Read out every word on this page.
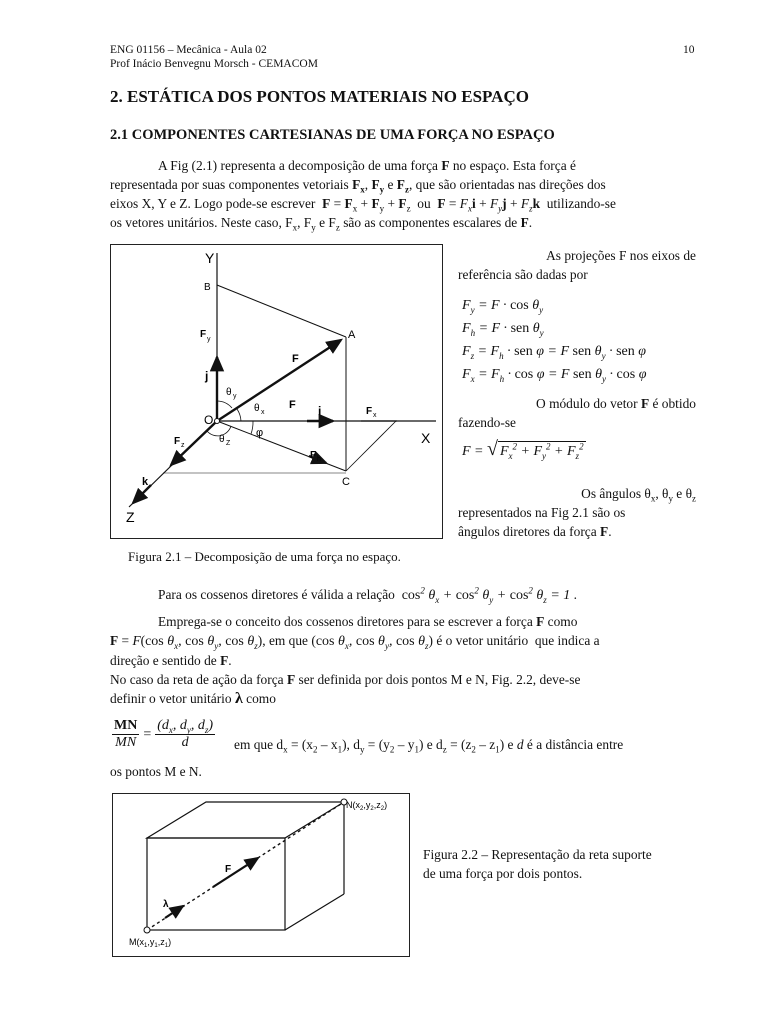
ENG 01156 – Mecânica - Aula 02
Prof Inácio Benvegnu Morsch - CEMACOM
10
2. ESTÁTICA DOS PONTOS MATERIAIS NO ESPAÇO
2.1 COMPONENTES CARTESIANAS DE UMA FORÇA NO ESPAÇO
A Fig (2.1) representa a decomposição de uma força F no espaço. Esta força é
representada por suas componentes vetoriais $F_x$, $F_y$ e $F_z$, que são orientadas nas direções dos
eixos X, Y e Z. Logo pode-se escrever  $F = F_x + F_y + F_z$  ou  $F = F_xi + F_yj + F_zk$  utilizando-se
os vetores unitários. Neste caso, $F_x$, $F_y$ e $F_z$ são as componentes escalares de F.
Y
X
Z
O
A
B
C
F
F y
F x
F z
F h
j
i
k
F
θ y
θ x
θ Z
φ
As projeções F nos eixos de
referência são dadas por
$F_y = F \cdot \cos \theta_y$
$F_h = F$ · sen $\theta_y$
$F_z = F_h$ · sen φ = F sen $\theta_y$ · sen φ
$F_x = F_h \cdot \cos \varphi = F$ sen $\theta_y \cdot \cos \varphi$
O módulo do vetor F é obtido
fazendo-se
F = √ $F_x^2 + F_y^2 + F_z^2$
Os ângulos $\theta_x$, $\theta_y$ e $\theta_z$
representados na Fig 2.1 são os
ângulos diretores da força F.
Figura 2.1 – Decomposição de uma força no espaço.
Para os cossenos diretores é válida a relação $\cos^2 \theta_x + \cos^2 \theta_y + \cos^2 \theta_z = 1$ .
Emprega-se o conceito dos cossenos diretores para se escrever a força F como
F = F(cos $\theta_x$, $\cos \theta_y$, $\cos \theta_z$), em que (cos $\theta_x$, $\cos \theta_y$, $\cos \theta_z$) é o vetor unitário  que indica a
direção e sentido de F.
No caso da reta de ação da força F ser definida por dois pontos M e N, Fig. 2.2, deve-se
definir o vetor unitário λ como
$\frac{MN}{MN} = \frac{(d_x, d_y, d_z)}{d}$ em que $d_x = (x_2 - x_1)$, $d_y = (y_2 - y_1)$ e $d_z = (z_2 - z_1)$ e d é a distância entre
os pontos M e N.
F
λ
$N(x_2,y_2,z_2)$
$M(x_1,y_1,z_1)$
Figura 2.2 – Representação da reta suporte
de uma força por dois pontos.
